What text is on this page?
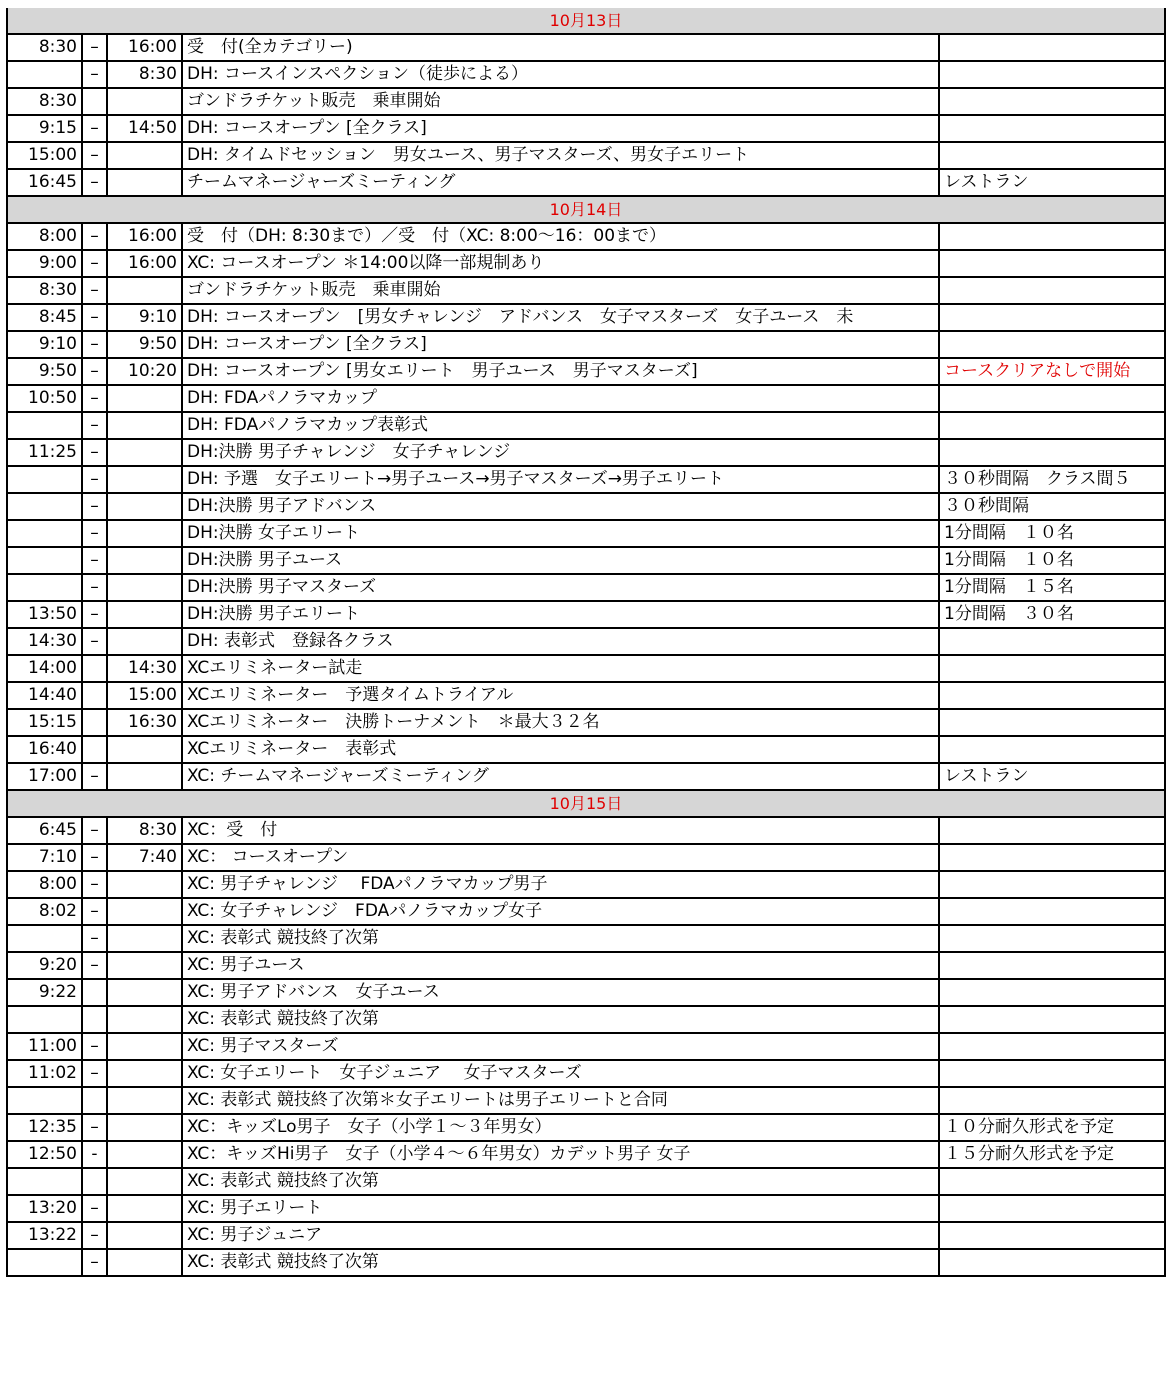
10月13日				
8:30	–	16:00	受　付(全カテゴリー)	
	–	8:30	DH: コースインスペクション（徒歩による）	
8:30			ゴンドラチケット販売　乗車開始	
9:15	–	14:50	DH: コースオープン [全クラス]	
15:00	–		DH: タイムドセッション　男女ユース、男子マスターズ、男女子エリート	
16:45	–		チームマネージャーズミーティング	レストラン
10月14日				
8:00	–	16:00	受　付（DH: 8:30まで）／受　付（XC: 8:00〜16：00まで）	
9:00	–	16:00	XC: コースオープン ＊14:00以降一部規制あり	
8:30	–		ゴンドラチケット販売　乗車開始	
8:45	–	9:10	DH: コースオープン　[男女チャレンジ　アドバンス　女子マスターズ　女子ユース　未	
9:10	–	9:50	DH: コースオープン [全クラス]	
9:50	–	10:20	DH: コースオープン [男女エリート　男子ユース　男子マスターズ]	コースクリアなしで開始
10:50	–		DH: FDAパノラマカップ	
	–		DH: FDAパノラマカップ表彰式	
11:25	–		DH:決勝 男子チャレンジ　女子チャレンジ	
	–		DH: 予選　女子エリート→男子ユース→男子マスターズ→男子エリート	３０秒間隔　クラス間５
	–		DH:決勝 男子アドバンス	３０秒間隔
	–		DH:決勝 女子エリート	1分間隔　１０名
	–		DH:決勝 男子ユース	1分間隔　１０名
	–		DH:決勝 男子マスターズ	1分間隔　１５名
13:50	–		DH:決勝 男子エリート	1分間隔　３０名
14:30	–		DH: 表彰式　登録各クラス	
14:00		14:30	XCエリミネーター試走	
14:40		15:00	XCエリミネーター　予選タイムトライアル	
15:15		16:30	XCエリミネーター　決勝トーナメント　＊最大３２名	
16:40			XCエリミネーター　表彰式	
17:00	–		XC: チームマネージャーズミーティング	レストラン
10月15日				
6:45	–	8:30	XC：受　付	
7:10	–	7:40	XC： コースオープン	
8:00	–		XC: 男子チャレンジ　 FDAパノラマカップ男子	
8:02	–		XC: 女子チャレンジ　FDAパノラマカップ女子	
	–		XC: 表彰式 競技終了次第	
9:20	–		XC: 男子ユース	
9:22			XC: 男子アドバンス　女子ユース	
			XC: 表彰式 競技終了次第	
11:00	–		XC: 男子マスターズ	
11:02	–		XC: 女子エリート　女子ジュニア　 女子マスターズ	
			XC: 表彰式 競技終了次第＊女子エリートは男子エリートと合同	
12:35	–		XC：キッズLo男子　女子（小学１〜３年男女）	１０分耐久形式を予定
12:50	-		XC：キッズHi男子　女子（小学４〜６年男女）カデット男子 女子	１５分耐久形式を予定
			XC: 表彰式 競技終了次第	
13:20	–		XC: 男子エリート	
13:22	–		XC: 男子ジュニア	
	–		XC: 表彰式 競技終了次第	
